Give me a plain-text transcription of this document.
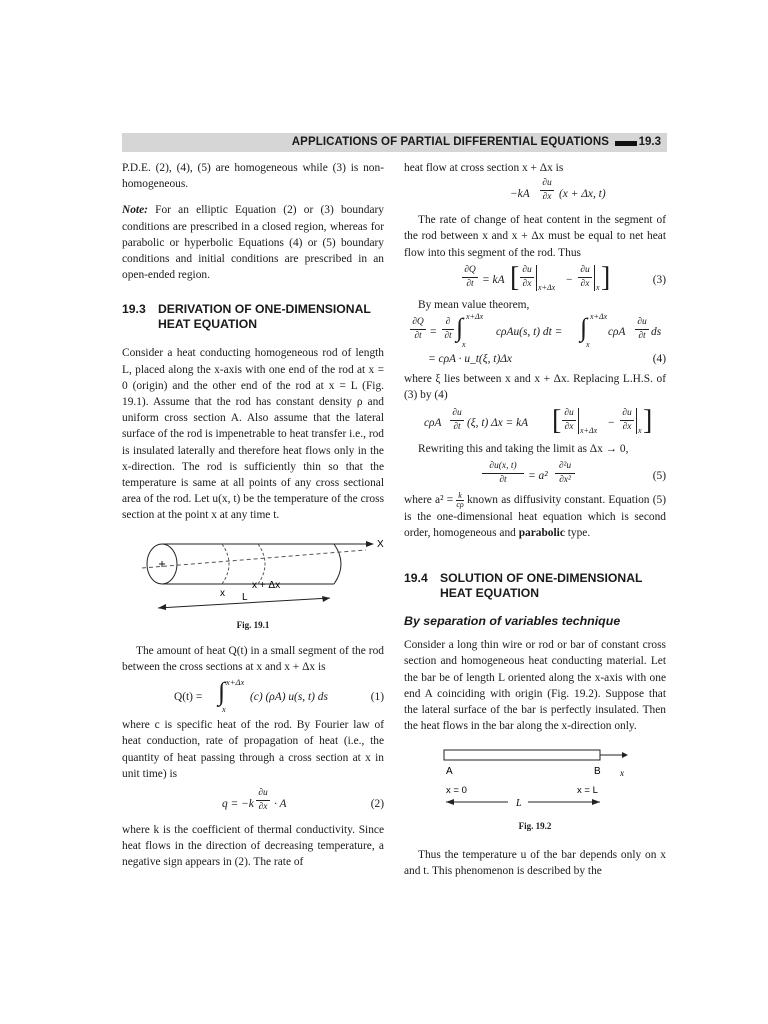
APPLICATIONS OF PARTIAL DIFFERENTIAL EQUATIONS	19.3

P.D.E. (2), (4), (5) are homogeneous while (3) is non-homogeneous.

Note: For an elliptic Equation (2) or (3) boundary conditions are prescribed in a closed region, whereas for parabolic or hyperbolic Equations (4) or (5) boundary conditions and initial conditions are prescribed in an open-ended region.

19.3	DERIVATION OF ONE-DIMENSIONAL HEAT EQUATION

Consider a heat conducting homogeneous rod of length L, placed along the x-axis with one end of the rod at x = 0 (origin) and the other end of the rod at x = L (Fig. 19.1). Assume that the rod has constant density ρ and uniform cross section A. Also assume that the lateral surface of the rod is impenetrable to heat transfer i.e., rod is insulated laterally and therefore heat flows only in the x-direction. The rod is sufficiently thin so that the temperature is same at all points of any cross sectional area of the rod. Let u(x, t) be the temperature of the cross section at the point x at any time t.

X
x
x + Δx
L
Fig. 19.1

The amount of heat Q(t) in a small segment of the rod between the cross sections at x and x + Δx is

Q(t) = ∫ x+Δx
x
(c) (ρA) u(s, t) ds	(1)

where c is specific heat of the rod. By Fourier law of heat conduction, rate of propagation of heat (i.e., the quantity of heat passing through a cross section at x in unit time) is

q = −k
∂u
∂x · A	(2)

where k is the coefficient of thermal conductivity. Since heat flows in the direction of decreasing temperature, a negative sign appears in (2). The rate of

heat flow at cross section x + Δx is

−kA
∂u
∂x (x + Δx, t)

The rate of change of heat content in the segment of the rod between x and x + Δx must be equal to net heat flow into this segment of the rod. Thus

∂Q
∂t = kA [ ∂u
∂x x+Δx
−
∂u
∂x x ]	(3)

By mean value theorem,

∂Q
∂t =
∂
∂t ∫ x+Δx
x
cρAu(s, t) dt = ∫ x+Δx
x
cρA
∂u
∂t ds
= cρA · u_t(ξ, t)Δx	(4)

where ξ lies between x and x + Δx. Replacing L.H.S. of (3) by (4)

cρA
∂u
∂t (ξ, t) Δx = kA [ ∂u
∂x x+Δx
−
∂u
∂x x ]

Rewriting this and taking the limit as Δx → 0,

∂u(x, t)
∂t	= a²
∂²u
∂x²	(5)

where $a^2 = \frac{k}{c\rho}$ known as diffusivity constant. Equation (5) is the one-dimensional heat equation which is second order, homogeneous and parabolic type.

19.4	SOLUTION OF ONE-DIMENSIONAL HEAT EQUATION

By separation of variables technique

Consider a long thin wire or rod or bar of constant cross section and homogeneous heat conducting material. Let the bar be of length L oriented along the x-axis with one end A coinciding with origin (Fig. 19.2). Suppose that the lateral surface of the bar is perfectly insulated. Then the heat flows in the bar along the x-direction only.

A	B x
x = 0	x = L
L
Fig. 19.2

Thus the temperature u of the bar depends only on x and t. This phenomenon is described by the
